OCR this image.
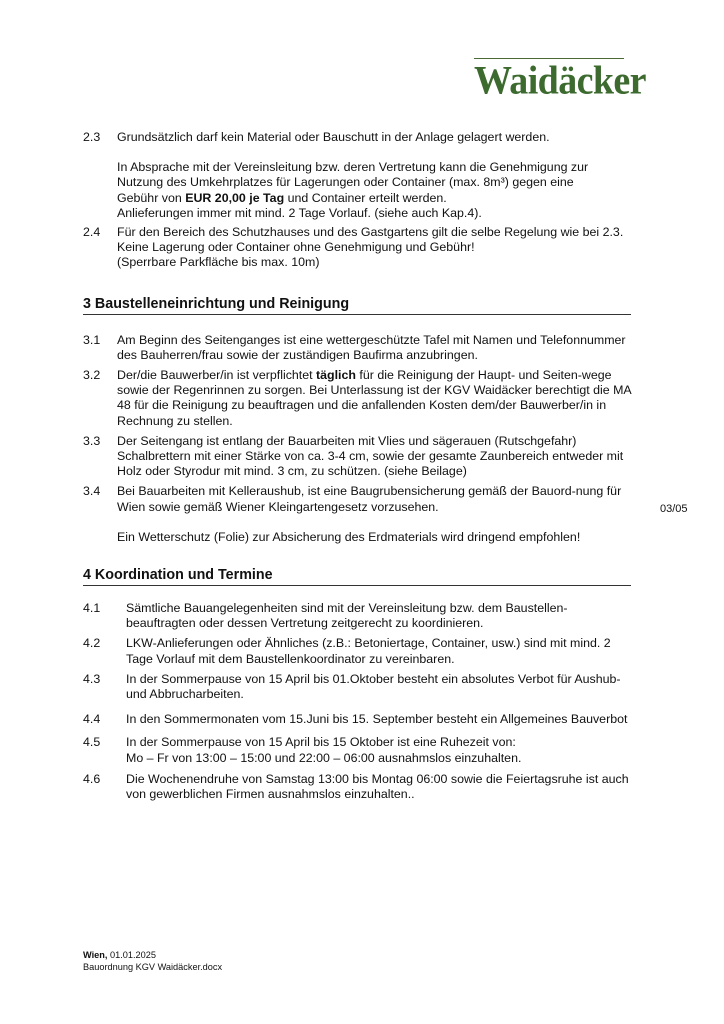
Waidäcker
2.3	Grundsätzlich darf kein Material oder Bauschutt in der Anlage gelagert werden.
In Absprache mit der Vereinsleitung bzw. deren Vertretung kann die Genehmigung zur Nutzung des Umkehrplatzes für Lagerungen oder Container (max. 8m³) gegen eine Gebühr von EUR 20,00 je Tag und Container erteilt werden.
Anlieferungen immer mit mind. 2 Tage Vorlauf. (siehe auch Kap.4).
2.4	Für den Bereich des Schutzhauses und des Gastgartens gilt die selbe Regelung wie bei 2.3. Keine Lagerung oder Container ohne Genehmigung und Gebühr!
(Sperrbare Parkfläche bis max. 10m)
3 Baustelleneinrichtung und Reinigung
3.1	Am Beginn des Seitenganges ist eine wettergeschützte Tafel mit Namen und Telefonnummer des Bauherren/frau sowie der zuständigen Baufirma anzubringen.
3.2	Der/die Bauwerber/in ist verpflichtet täglich für die Reinigung der Haupt- und Seiten-wege sowie der Regenrinnen zu sorgen. Bei Unterlassung ist der KGV Waidäcker berechtigt die MA 48 für die Reinigung zu beauftragen und die anfallenden Kosten dem/der Bauwerber/in in Rechnung zu stellen.
3.3	Der Seitengang ist entlang der Bauarbeiten mit Vlies und sägerauen (Rutschgefahr) Schalbrettern mit einer Stärke von ca. 3-4 cm, sowie der gesamte Zaunbereich entweder mit Holz oder Styrodur mit mind. 3 cm, zu schützen. (siehe Beilage)
3.4	Bei Bauarbeiten mit Kelleraushub, ist eine Baugrubensicherung gemäß der Bauord-nung für Wien sowie gemäß Wiener Kleingartengesetz vorzusehen.
Ein Wetterschutz (Folie) zur Absicherung des Erdmaterials wird dringend empfohlen!
4 Koordination und Termine
4.1	Sämtliche Bauangelegenheiten sind mit der Vereinsleitung bzw. dem Baustellen-beauftragten oder dessen Vertretung zeitgerecht zu koordinieren.
4.2	LKW-Anlieferungen oder Ähnliches (z.B.: Betoniertage, Container, usw.) sind mit mind. 2 Tage Vorlauf mit dem Baustellenkoordinator zu vereinbaren.
4.3	In der Sommerpause von 15 April bis 01.Oktober besteht ein absolutes Verbot für Aushub- und Abbrucharbeiten.
4.4	In den Sommermonaten vom 15.Juni bis 15. September besteht ein Allgemeines Bauverbot
4.5	In der Sommerpause von 15 April bis 15 Oktober ist eine Ruhezeit von:
Mo – Fr von 13:00 – 15:00 und 22:00 – 06:00 ausnahmslos einzuhalten.
4.6	Die Wochenendruhe von Samstag 13:00 bis Montag 06:00 sowie die Feiertagsruhe ist auch von gewerblichen Firmen ausnahmslos einzuhalten..
03/05
Wien, 01.01.2025
Bauordnung KGV Waidäcker.docx
